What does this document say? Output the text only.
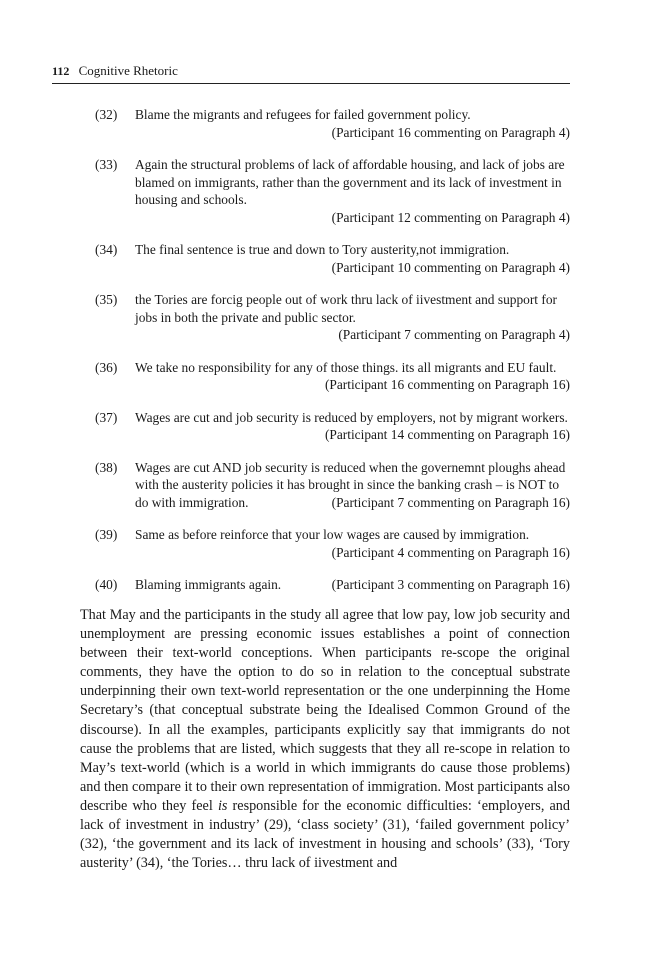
112 Cognitive Rhetoric
(32)	Blame the migrants and refugees for failed government policy.
(Participant 16 commenting on Paragraph 4)
(33)	Again the structural problems of lack of affordable housing, and lack of jobs are blamed on immigrants, rather than the government and its lack of investment in housing and schools.
(Participant 12 commenting on Paragraph 4)
(34)	The final sentence is true and down to Tory austerity,not immigration.
(Participant 10 commenting on Paragraph 4)
(35)	the Tories are forcig people out of work thru lack of iivestment and support for jobs in both the private and public sector.
(Participant 7 commenting on Paragraph 4)
(36)	We take no responsibility for any of those things. its all migrants and EU fault.
(Participant 16 commenting on Paragraph 16)
(37)	Wages are cut and job security is reduced by employers, not by migrant workers.
(Participant 14 commenting on Paragraph 16)
(38)	Wages are cut AND job security is reduced when the governemnt ploughs ahead with the austerity policies it has brought in since the banking crash – is NOT to do with immigration.	(Participant 7 commenting on Paragraph 16)
(39)	Same as before reinforce that your low wages are caused by immigration.
(Participant 4 commenting on Paragraph 16)
(40)	Blaming immigrants again.	(Participant 3 commenting on Paragraph 16)
That May and the participants in the study all agree that low pay, low job security and unemployment are pressing economic issues establishes a point of connection between their text-world conceptions. When participants re-scope the original comments, they have the option to do so in relation to the conceptual substrate underpinning their own text-world representation or the one underpinning the Home Secretary’s (that conceptual substrate being the Idealised Common Ground of the discourse). In all the examples, participants explicitly say that immigrants do not cause the problems that are listed, which suggests that they all re-scope in relation to May’s text-world (which is a world in which immigrants do cause those problems) and then compare it to their own representation of immigration. Most participants also describe who they feel is responsible for the economic difficulties: ‘employers, and lack of investment in industry’ (29), ‘class society’ (31), ‘failed government policy’ (32), ‘the government and its lack of investment in housing and schools’ (33), ‘Tory austerity’ (34), ‘the Tories… thru lack of iivestment and
